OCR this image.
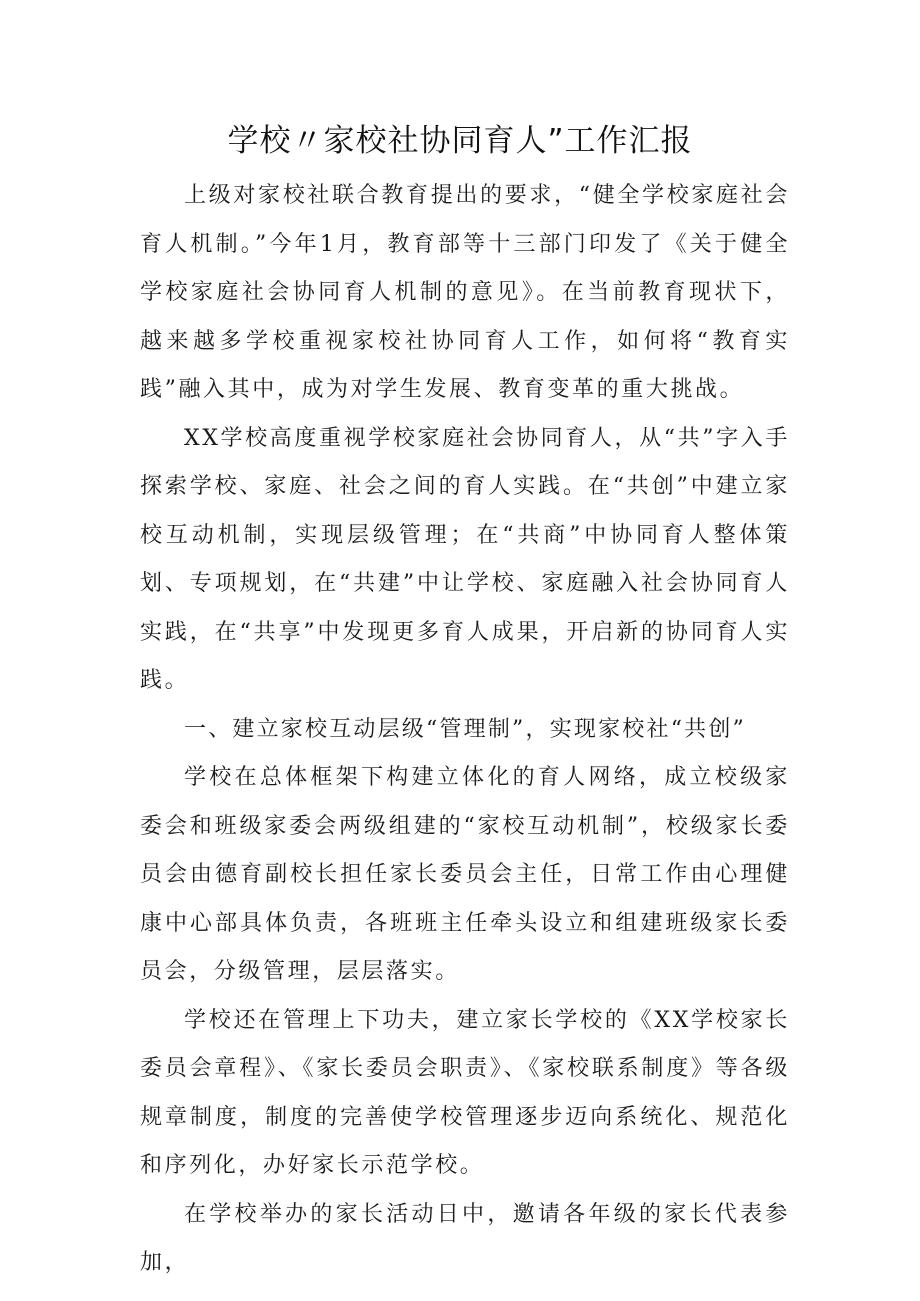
学校〃家校社协同育人”工作汇报

上级对家校社联合教育提出的要求，“健全学校家庭社会育人机制。”今年1月，教育部等十三部门印发了《关于健全学校家庭社会协同育人机制的意见》。在当前教育现状下，越来越多学校重视家校社协同育人工作，如何将“教育实践”融入其中，成为对学生发展、教育变革的重大挑战。

XX学校高度重视学校家庭社会协同育人，从“共”字入手探索学校、家庭、社会之间的育人实践。在“共创”中建立家校互动机制，实现层级管理；在“共商”中协同育人整体策划、专项规划，在“共建”中让学校、家庭融入社会协同育人实践，在“共享”中发现更多育人成果，开启新的协同育人实践。

一、建立家校互动层级“管理制”，实现家校社“共创”

学校在总体框架下构建立体化的育人网络，成立校级家委会和班级家委会两级组建的“家校互动机制”，校级家长委员会由德育副校长担任家长委员会主任，日常工作由心理健康中心部具体负责，各班班主任牵头设立和组建班级家长委员会，分级管理，层层落实。

学校还在管理上下功夫，建立家长学校的《XX学校家长委员会章程》、《家长委员会职责》、《家校联系制度》等各级规章制度，制度的完善使学校管理逐步迈向系统化、规范化和序列化，办好家长示范学校。

在学校举办的家长活动日中，邀请各年级的家长代表参加，
